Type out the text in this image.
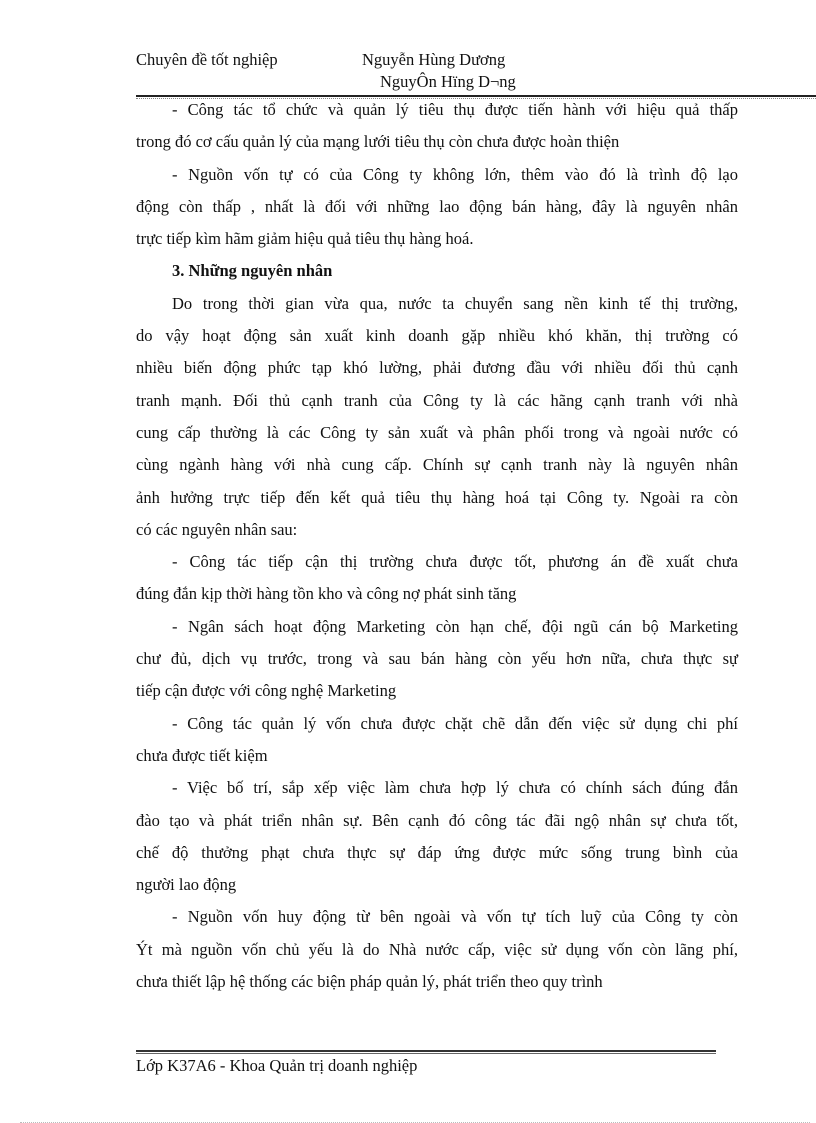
Chuyên đề tốt nghiệp	Nguyễn Hùng Dương
NguyÔn Hïng D¬ng
- Công tác tổ chức và quản lý tiêu thụ được tiến hành với hiệu quả thấp
trong đó cơ cấu quản lý của mạng lưới tiêu thụ còn chưa được hoàn thiện
- Nguồn vốn tự có của Công ty không lớn, thêm vào đó là trình độ lạo
động còn thấp , nhất là đối với những lao động bán hàng, đây là nguyên nhân
trực tiếp kìm hãm giảm hiệu quả tiêu thụ hàng hoá.
3. Những nguyên nhân
Do trong thời gian vừa qua, nước ta chuyển sang nền kinh tế thị trường,
do vậy hoạt động sản xuất kinh doanh gặp nhiều khó khăn, thị trường có
nhiều biến động phức tạp khó lường, phải đương đầu với nhiều đối thủ cạnh
tranh mạnh. Đối thủ cạnh tranh của Công ty là các hãng cạnh tranh với nhà
cung cấp thường là các Công ty sản xuất và phân phối trong và ngoài nước có
cùng ngành hàng với nhà cung cấp. Chính sự cạnh tranh này là nguyên nhân
ảnh hưởng trực tiếp đến kết quả tiêu thụ hàng hoá tại Công ty. Ngoài ra còn
có các nguyên nhân sau:
- Công tác tiếp cận thị trường chưa được tốt, phương án đề xuất chưa
đúng đắn kịp thời hàng tồn kho và công nợ phát sinh tăng
- Ngân sách hoạt động Marketing còn hạn chế, đội ngũ cán bộ Marketing
chư đủ, dịch vụ trước, trong và sau bán hàng còn yếu hơn nữa, chưa thực sự
tiếp cận được với công nghệ Marketing
- Công tác quản lý vốn chưa được chặt chẽ dẫn đến việc sử dụng chi phí
chưa được tiết kiệm
- Việc bố trí, sắp xếp việc làm chưa hợp lý chưa có chính sách đúng đắn
đào tạo và phát triển nhân sự. Bên cạnh đó công tác đãi ngộ nhân sự chưa tốt,
chế độ thưởng phạt chưa thực sự đáp ứng được mức sống trung bình của
người lao động
- Nguồn vốn huy động từ bên ngoài và vốn tự tích luỹ của Công ty còn
Ýt mà nguồn vốn chủ yếu là do Nhà nước cấp, việc sử dụng vốn còn lãng phí,
chưa thiết lập hệ thống các biện pháp quản lý, phát triển theo quy trình
Lớp K37A6 - Khoa Quản trị doanh nghiệp
